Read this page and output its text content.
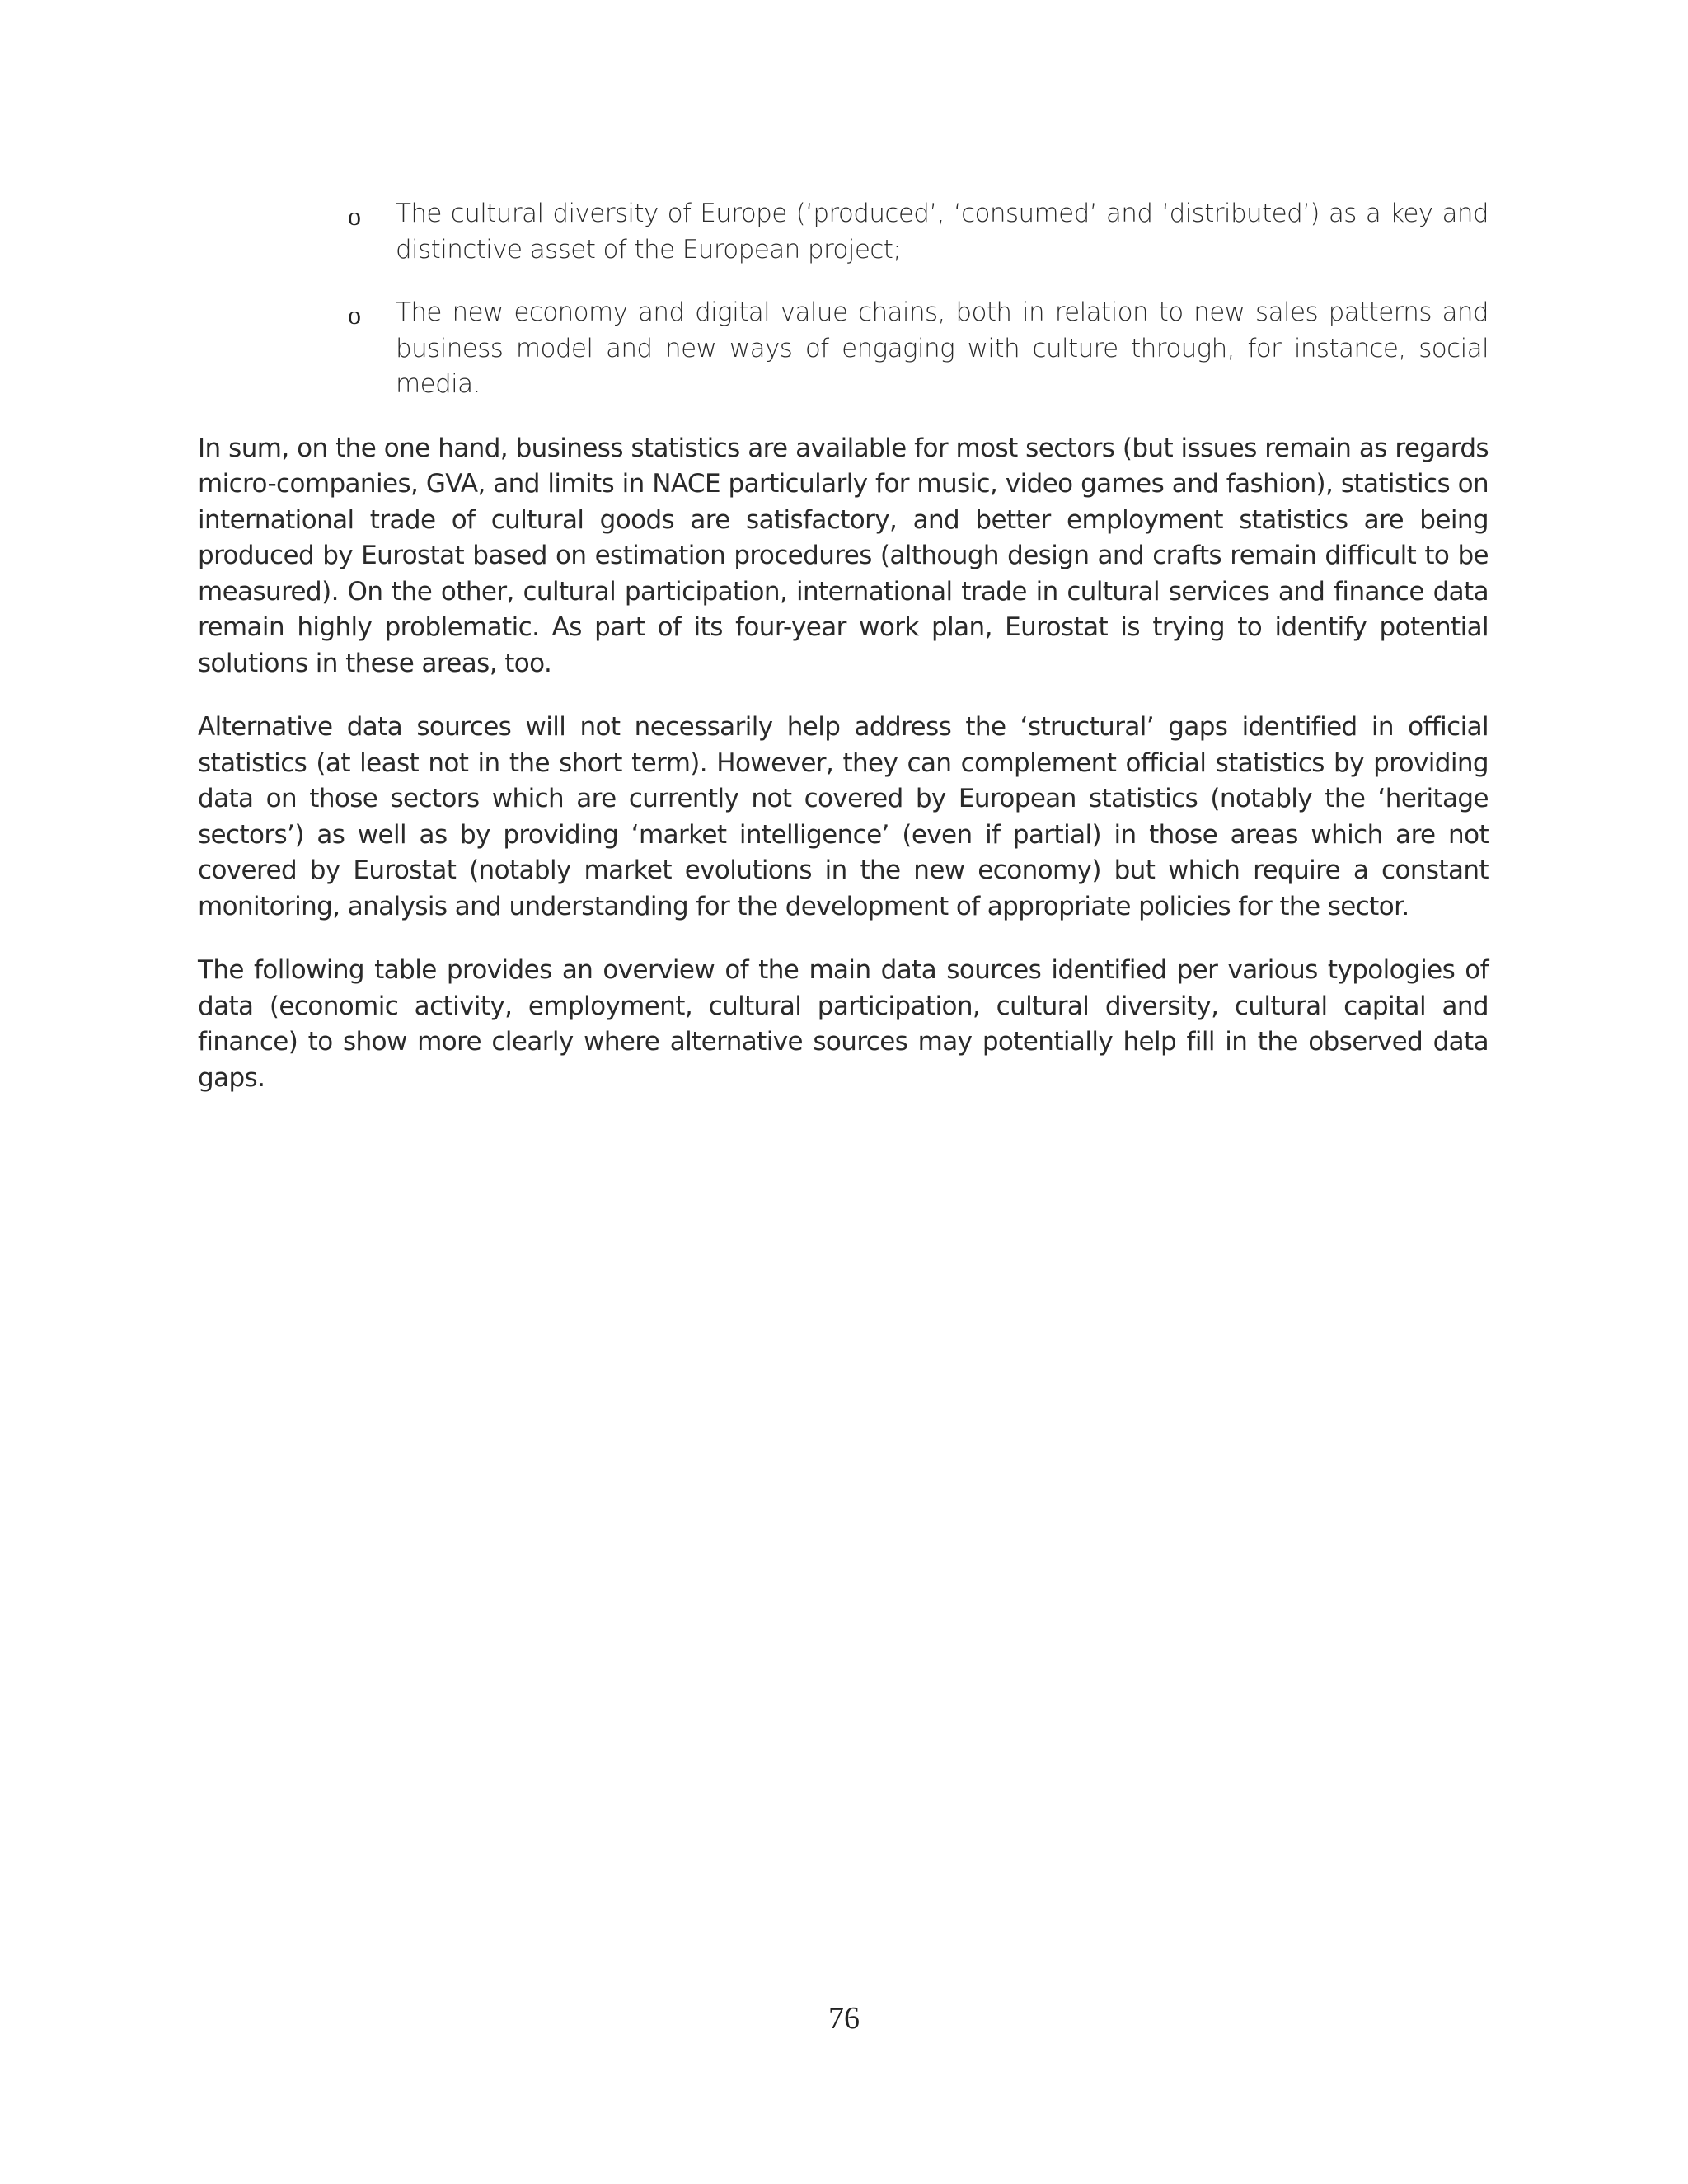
o The cultural diversity of Europe (‘produced’, ‘consumed’ and ‘distributed’) as a key and distinctive asset of the European project;
o The new economy and digital value chains, both in relation to new sales patterns and business model and new ways of engaging with culture through, for instance, social media.

In sum, on the one hand, business statistics are available for most sectors (but issues remain as regards micro-companies, GVA, and limits in NACE particularly for music, video games and fashion), statistics on international trade of cultural goods are satisfactory, and better employment statistics are being produced by Eurostat based on estimation procedures (although design and crafts remain difficult to be measured). On the other, cultural participation, international trade in cultural services and finance data remain highly problematic. As part of its four-year work plan, Eurostat is trying to identify potential solutions in these areas, too.

Alternative data sources will not necessarily help address the ‘structural’ gaps identified in official statistics (at least not in the short term). However, they can complement official statistics by providing data on those sectors which are currently not covered by European statistics (notably the ‘heritage sectors’) as well as by providing ‘market intelligence’ (even if partial) in those areas which are not covered by Eurostat (notably market evolutions in the new economy) but which require a constant monitoring, analysis and understanding for the development of appropriate policies for the sector.

The following table provides an overview of the main data sources identified per various typologies of data (economic activity, employment, cultural participation, cultural diversity, cultural capital and finance) to show more clearly where alternative sources may potentially help fill in the observed data gaps.

76
